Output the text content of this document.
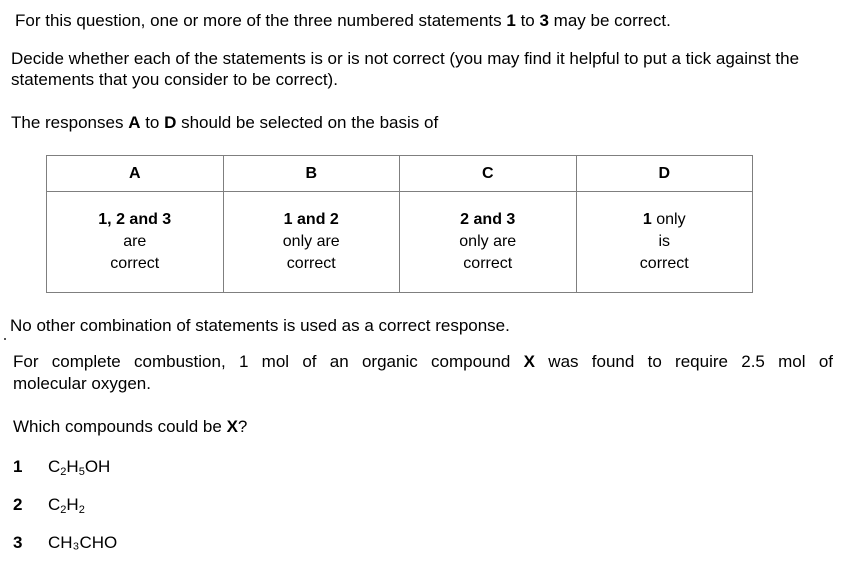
For this question, one or more of the three numbered statements 1 to 3 may be correct.
Decide whether each of the statements is or is not correct (you may find it helpful to put a tick against the statements that you consider to be correct).
The responses A to D should be selected on the basis of
A	B	C	D

1, 2 and 3
are
correct	1 and 2
only are
correct	2 and 3
only are
correct	1 only
is
correct
No other combination of statements is used as a correct response.
For complete combustion, 1 mol of an organic compound X was found to require 2.5 mol of
molecular oxygen.
Which compounds could be X?
1 $C_2H_5OH$
2 $C_2H_2$
3 CH₃CHO
